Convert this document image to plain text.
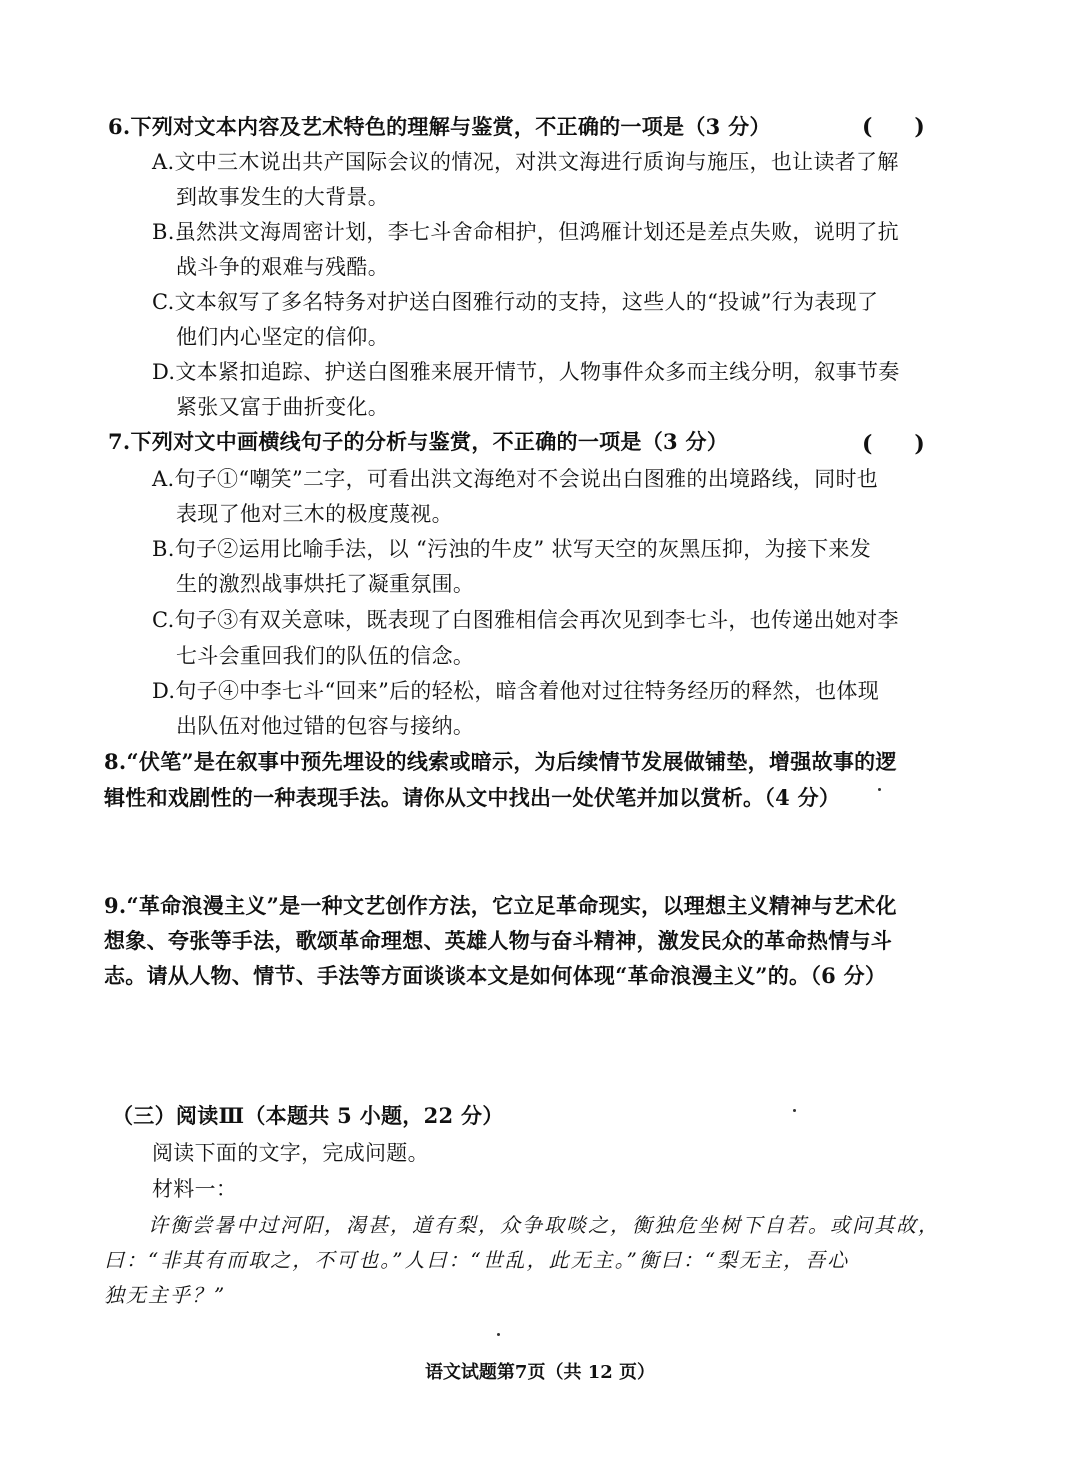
6.下列对文本内容及艺术特色的理解与鉴赏，不正确的一项是（3 分）	( )
A.文中三木说出共产国际会议的情况，对洪文海进行质询与施压，也让读者了解
到故事发生的大背景。
B.虽然洪文海周密计划，李七斗舍命相护，但鸿雁计划还是差点失败，说明了抗
战斗争的艰难与残酷。
C.文本叙写了多名特务对护送白图雅行动的支持，这些人的“投诚”行为表现了
他们内心坚定的信仰。
D.文本紧扣追踪、护送白图雅来展开情节，人物事件众多而主线分明，叙事节奏
紧张又富于曲折变化。
7.下列对文中画横线句子的分析与鉴赏，不正确的一项是（3 分）	( )
A.句子①“嘲笑”二字，可看出洪文海绝对不会说出白图雅的出境路线，同时也
表现了他对三木的极度蔑视。
B.句子②运用比喻手法，以 “污浊的牛皮” 状写天空的灰黑压抑，为接下来发
生的激烈战事烘托了凝重氛围。
C.句子③有双关意味，既表现了白图雅相信会再次见到李七斗，也传递出她对李
七斗会重回我们的队伍的信念。
D.句子④中李七斗“回来”后的轻松，暗含着他对过往特务经历的释然，也体现
出队伍对他过错的包容与接纳。
8.“伏笔”是在叙事中预先埋设的线索或暗示，为后续情节发展做铺垫，增强故事的逻
辑性和戏剧性的一种表现手法。请你从文中找出一处伏笔并加以赏析。（4 分）
9.“革命浪漫主义”是一种文艺创作方法，它立足革命现实，以理想主义精神与艺术化
想象、夸张等手法，歌颂革命理想、英雄人物与奋斗精神，激发民众的革命热情与斗
志。请从人物、情节、手法等方面谈谈本文是如何体现“革命浪漫主义”的。（6 分）
（三）阅读Ⅲ（本题共 5 小题，22 分）
阅读下面的文字，完成问题。
材料一：
许衡尝暑中过河阳，渴甚，道有梨，众争取啖之，衡独危坐树下自若。或问其故，
曰：“非其有而取之，不可也。”人曰：“世乱，此无主。”衡曰：“梨无主，吾心
独无主乎？”
语文试题第7页（共 12 页）
